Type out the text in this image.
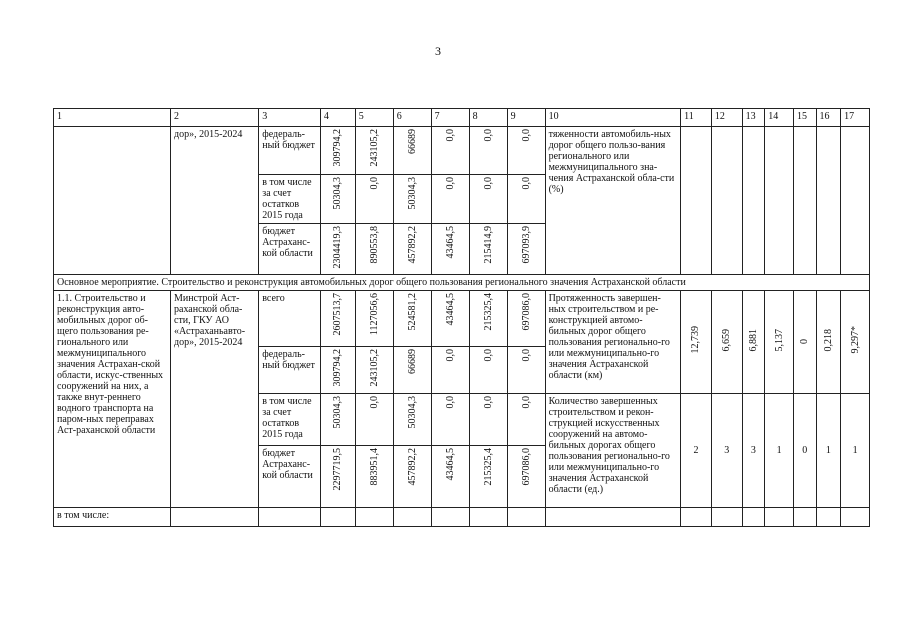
3
1	2	3	4	5	6	7	8	9	10	11	12	13	14	15	16	17
	дор», 2015-2024	федераль-ный бюджет	309794,2	243105,2	66689	0,0	0,0	0,0	тяженности автомобиль-ных дорог общего пользо-вания регионального или межмуниципального зна-чения Астраханской обла-сти (%)							
		в том числе за счет остатков 2015 года	50304,3	0,0	50304,3	0,0	0,0	0,0								
		бюджет Астраханс-кой области	2304419,3	890553,8	457892,2	43464,5	215414,9	697093,9								
Основное мероприятие. Строительство и реконструкция автомобильных дорог общего пользования регионального значения Астраханской области																
1.1. Строительство и реконструкция авто-мобильных дорог об-щего пользования ре-гионального или межмуниципального значения Астрахан-ской области, искус-ственных сооружений на них, а также внут-реннего водного транспорта на паром-ных переправах Аст-раханской области	Минстрой Аст-раханской обла-сти, ГКУ АО «Астраханьавто-дор», 2015-2024	всего	2607513,7	1127056,6	524581,2	43464,5	215325,4	697086,0	Протяженность завершен-ных строительством и ре-конструкцией автомо-бильных дорог общего пользования регионально-го или межмуниципально-го значения Астраханской области (км)	12,739	6,659	6,881	5,137	0	0,218	9,297*
		федераль-ный бюджет	309794,2	243105,2	66689	0,0	0,0	0,0								
		в том числе за счет остатков 2015 года	50304,3	0,0	50304,3	0,0	0,0	0,0	Количество завершенных строительством и рекон-струкцией искусственных сооружений на автомо-бильных дорогах общего пользования регионально-го или межмуниципально-го значения Астраханской области (ед.)	2	3	3	1	0	1	1
		бюджет Астраханс-кой области	2297719,5	883951,4	457892,2	43464,5	215325,4	697086,0								
в том числе:																
